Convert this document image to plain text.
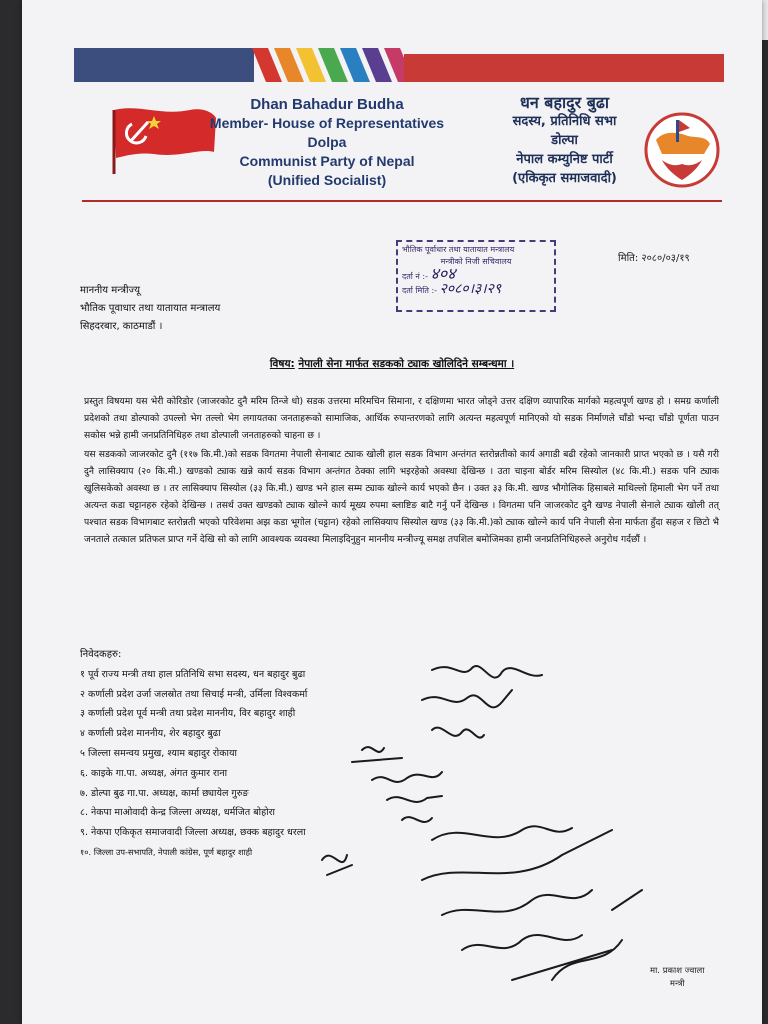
Dhan Bahadur Budha
Member- House of Representatives
Dolpa
Communist Party of Nepal
(Unified Socialist)
धन बहादुर बुढा
सदस्य, प्रतिनिधि सभा
डोल्पा
नेपाल कम्युनिष्ट पार्टी
(एकिकृत समाजवादी)
भौतिक पूर्वाधार तथा यातायात मन्त्रालय
मन्त्रीको निजी सचिवालय
दर्ता नं :- ४०४
दर्ता मिति :- २०८०।३।२९
मिति: २०८०/०३/१९
माननीय मन्त्रीज्यू
भौतिक पूवाधार तथा यातायात मन्त्रालय
सिहदरबार, काठमाडौं ।
विषय: नेपाली सेना मार्फत सडकको ट्याक खोलिदिने सम्बन्धमा ।

प्रस्तुत विषयमा यस भेरी कोरिडोर (जाजरकोट दुनै मरिम तिन्जे धो) सडक उत्तरमा मरिमचिन सिमाना, र दक्षिणमा भारत जोड्ने उत्तर दक्षिण व्यापारिक मार्गको महत्वपूर्ण खण्ड हो । समग्र कर्णाली प्रदेशको तथा डोल्पाको उपल्लो भेग तल्लो भेग लगायतका जनताहरूको सामाजिक, आर्थिक रुपान्तरणको लागि अत्यन्त महत्वपूर्ण मानिएको यो सडक निर्माणले चाँडो भन्दा चाँडो पूर्णता पाउन सकोस भन्ने हामी जनप्रतिनिधिहरु तथा डोल्पाली जनताहरुको चाहना छ ।

यस सडकको जाजरकोट दुनै (११७ कि.मी.)को सडक विगतमा नेपाली सेनाबाट ट्याक खोली हाल सडक विभाग अन्तंगत स्तरोन्नतीको कार्य अगाडी बढी रहेको जानकारी प्राप्त भएको छ । यसै गरी दुनै लासिक्याप (२० कि.मी.) खण्डको ट्याक खन्ने कार्य सडक विभाग अन्तंगत ठेक्का लागि भइरहेको अवस्था देखिन्छ । उता चाइना बोर्डर मरिम सिस्योल (४८ कि.मी.) सडक पनि ट्याक खुलिसकेको अवस्था छ । तर लासिक्याप सिस्योल (३३ कि.मी.) खण्ड भने हाल सम्म ट्याक खोल्ने कार्य भएको छैन । उक्त ३३ कि.मी. खण्ड भौगोलिक हिसाबले माथिल्लो हिमाली भेग पर्ने तथा अत्यन्त कडा चट्टानहरु रहेको देखिन्छ । तसर्थ उक्त खण्डको ट्याक खोल्ने कार्य मूख्य रुपमा ब्लाष्टिङ बाटै गर्नु पर्ने देखिन्छ । विगतमा पनि जाजरकोट दुनै खण्ड नेपाली सेनाले ट्याक खोली तत् पश्चात सडक विभागबाट स्तरोन्नती भएको परिवेशमा अझ कडा भूगोल (चट्टान) रहेको लासिक्याप सिस्योल खण्ड (३३ कि.मी.)को ट्याक खोल्ने कार्य पनि नेपाली सेना मार्फता हुँदा सहज र छिटो भै जनताले तत्काल प्रतिफल प्राप्त गर्ने देखि सो को लागि आवश्यक व्यवस्था मिलाइदिनुहुन माननीय मन्त्रीज्यू समक्ष तपशिल बमोजिमका हामी जनप्रतिनिधिहरुले अनुरोध गर्दछौं ।

निवेदकहरु:
१ पूर्व राज्य मन्त्री तथा हाल प्रतिनिधि सभा सदस्य, धन बहादुर बुढा
२ कर्णाली प्रदेश उर्जा जलस्रोत तथा सिचाई मन्त्री, उर्मिला विश्वकर्मा
३ कर्णाली प्रदेश पूर्व मन्त्री तथा प्रदेश माननीय, विर बहादुर शाही
४ कर्णाली प्रदेश माननीय, शेर बहादुर बुढा
५ जिल्ला समन्वय प्रमुख, श्याम बहादुर रोकाया
६. काइके गा.पा. अध्यक्ष, अंगत कुमार राना
७. डोल्पा बुढ गा.पा. अध्यक्ष, कार्मा छ्यायेल गुरुङ
८. नेकपा माओवादी केन्द्र जिल्ला अध्यक्ष, धर्मजित बोहोरा
९. नेकपा एकिकृत समाजवादी जिल्ला अध्यक्ष, छक्क बहादुर धरला
१०. जिल्ला उप-सभापति, नेपाली कांग्रेस, पूर्ण बहादुर शाही
मा. प्रकाश ज्वाला
मन्त्री
